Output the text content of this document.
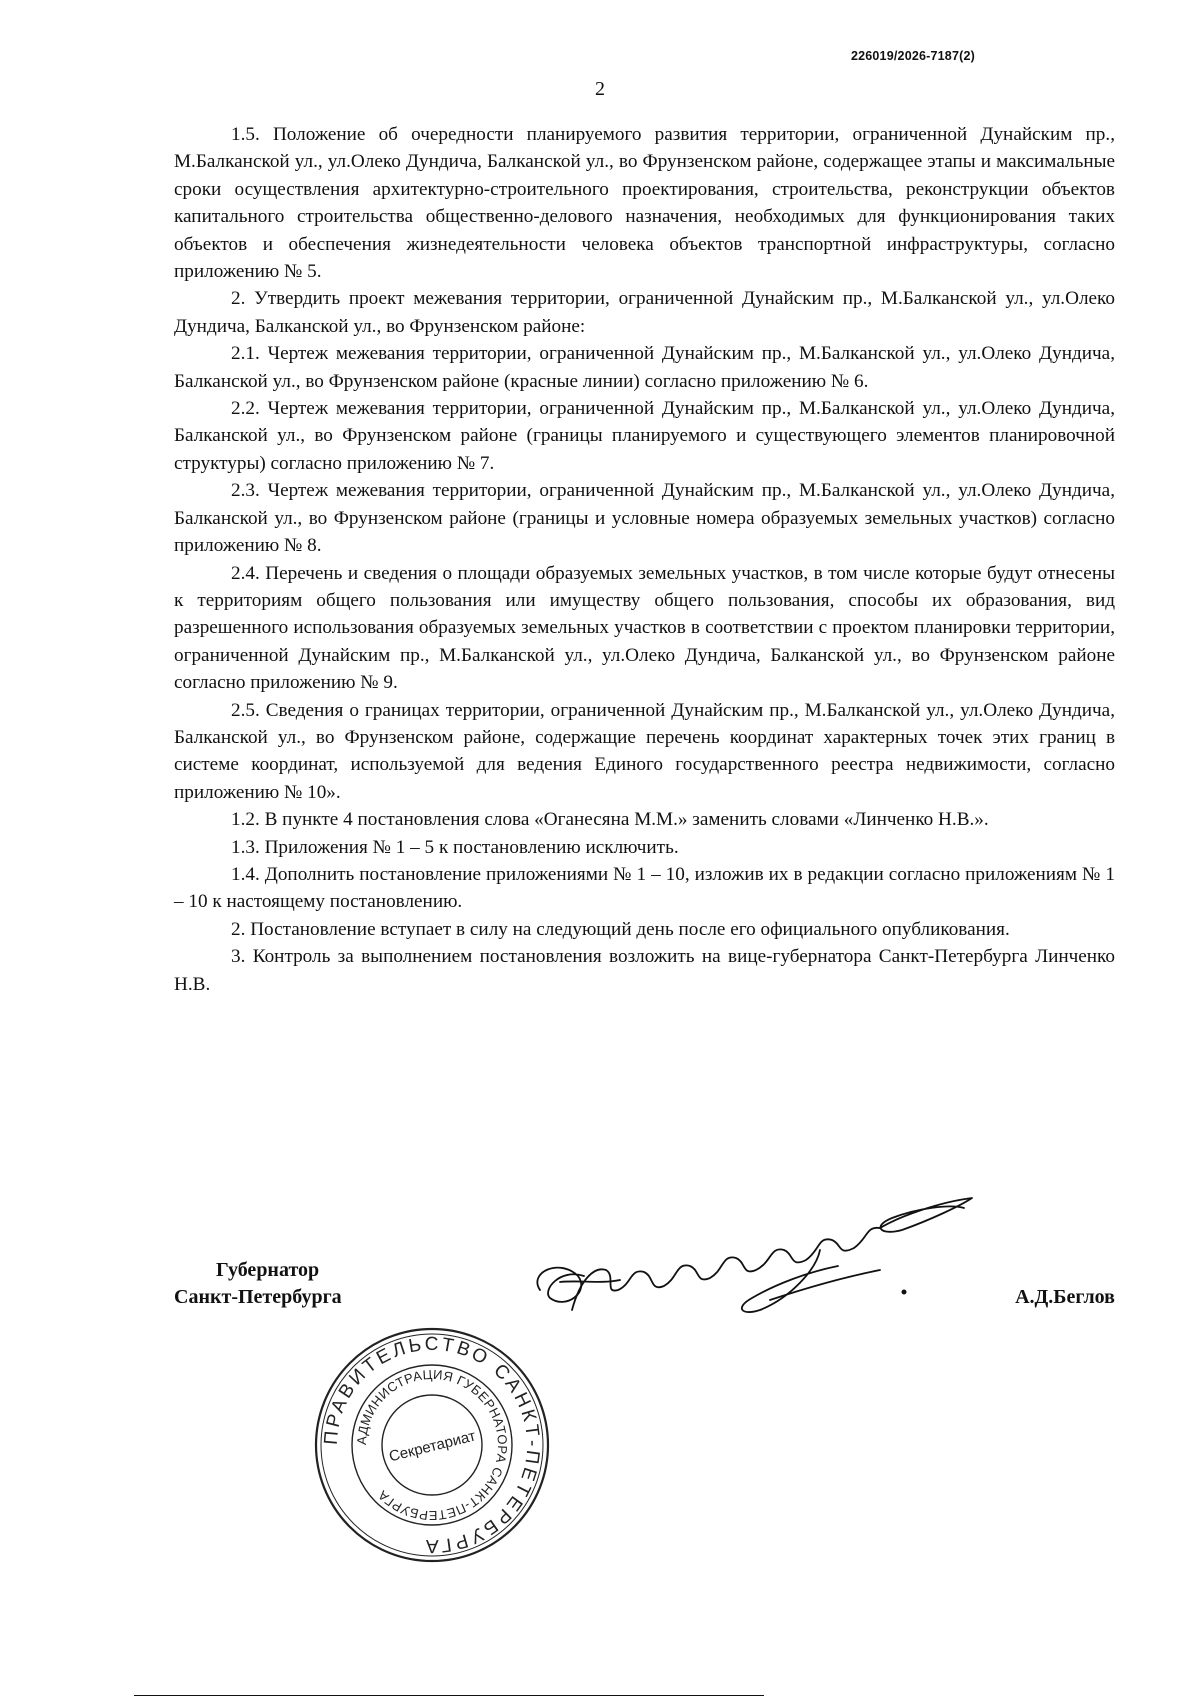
226019/2026-7187(2)
2

1.5. Положение об очередности планируемого развития территории, ограниченной Дунайским пр., М.Балканской ул., ул.Олеко Дундича, Балканской ул., во Фрунзенском районе, содержащее этапы и максимальные сроки осуществления архитектурно-строительного проектирования, строительства, реконструкции объектов капитального строительства общественно-делового назначения, необходимых для функционирования таких объектов и обеспечения жизнедеятельности человека объектов транспортной инфраструктуры, согласно приложению № 5.

2. Утвердить проект межевания территории, ограниченной Дунайским пр., М.Балканской ул., ул.Олеко Дундича, Балканской ул., во Фрунзенском районе:

2.1. Чертеж межевания территории, ограниченной Дунайским пр., М.Балканской ул., ул.Олеко Дундича, Балканской ул., во Фрунзенском районе (красные линии) согласно приложению № 6.

2.2. Чертеж межевания территории, ограниченной Дунайским пр., М.Балканской ул., ул.Олеко Дундича, Балканской ул., во Фрунзенском районе (границы планируемого и существующего элементов планировочной структуры) согласно приложению № 7.

2.3. Чертеж межевания территории, ограниченной Дунайским пр., М.Балканской ул., ул.Олеко Дундича, Балканской ул., во Фрунзенском районе (границы и условные номера образуемых земельных участков) согласно приложению № 8.

2.4. Перечень и сведения о площади образуемых земельных участков, в том числе которые будут отнесены к территориям общего пользования или имуществу общего пользования, способы их образования, вид разрешенного использования образуемых земельных участков в соответствии с проектом планировки территории, ограниченной Дунайским пр., М.Балканской ул., ул.Олеко Дундича, Балканской ул., во Фрунзенском районе согласно приложению № 9.

2.5. Сведения о границах территории, ограниченной Дунайским пр., М.Балканской ул., ул.Олеко Дундича, Балканской ул., во Фрунзенском районе, содержащие перечень координат характерных точек этих границ в системе координат, используемой для ведения Единого государственного реестра недвижимости, согласно приложению № 10».

1.2. В пункте 4 постановления слова «Оганесяна М.М.» заменить словами «Линченко Н.В.».

1.3. Приложения № 1 – 5 к постановлению исключить.

1.4. Дополнить постановление приложениями № 1 – 10, изложив их в редакции согласно приложениям № 1 – 10 к настоящему постановлению.

2. Постановление вступает в силу на следующий день после его официального опубликования.

3. Контроль за выполнением постановления возложить на вице-губернатора Санкт-Петербурга Линченко Н.В.

Губернатор
Санкт-Петербурга	А.Д.Беглов
ПРАВИТЕЛЬСТВО САНКТ-ПЕТЕРБУРГА
АДМИНИСТРАЦИЯ ГУБЕРНАТОРА САНКТ-ПЕТЕРБУРГА
Секретариат
